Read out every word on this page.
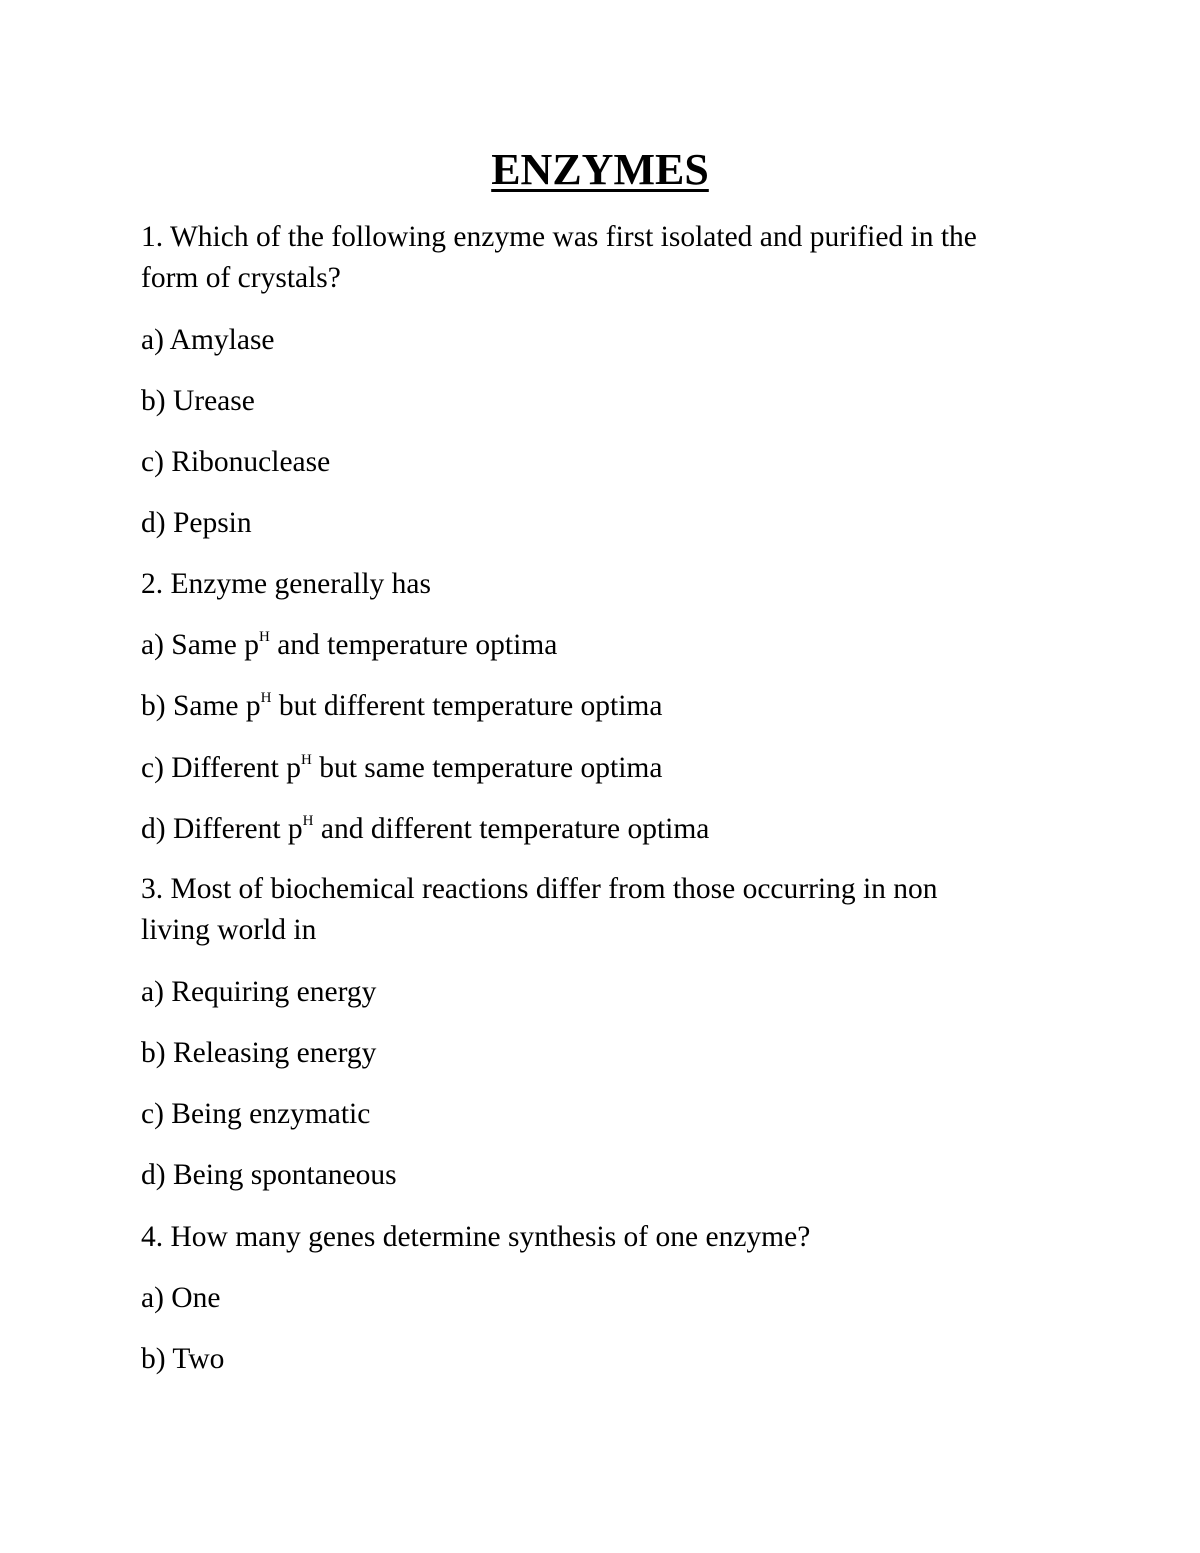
ENZYMES

1. Which of the following enzyme was first isolated and purified in the

form of crystals?

a) Amylase

b) Urease

c) Ribonuclease

d) Pepsin

2. Enzyme generally has

a) Same $p^H$ and temperature optima

b) Same $p^H$ but different temperature optima

c) Different $p^H$ but same temperature optima

d) Different $p^H$ and different temperature optima

3. Most of biochemical reactions differ from those occurring in non

living world in

a) Requiring energy

b) Releasing energy

c) Being enzymatic

d) Being spontaneous

4. How many genes determine synthesis of one enzyme?

a) One

b) Two
